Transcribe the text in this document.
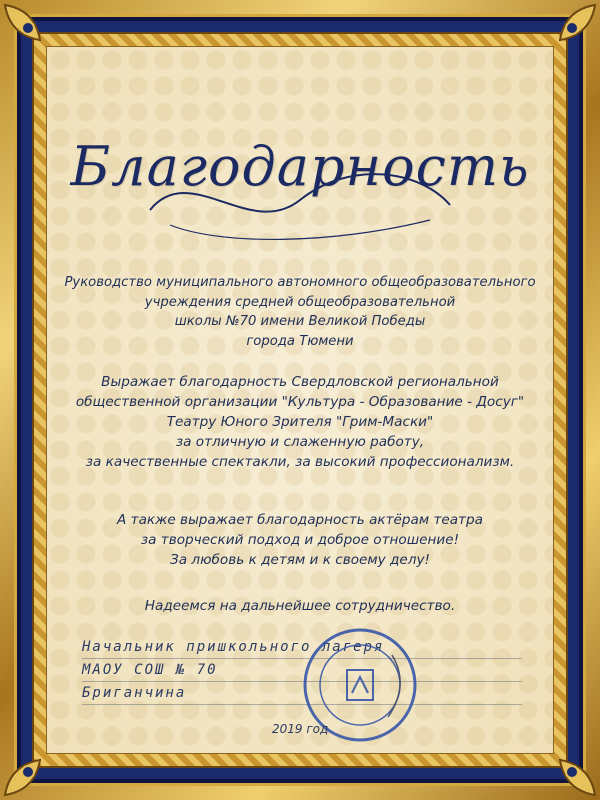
Благодарность
Руководство муниципального автономного общеобразовательного
учреждения средней общеобразовательной
школы №70 имени Великой Победы
города Тюмени
Выражает благодарность Свердловской региональной
общественной организации "Культура - Образование - Досуг"
Театру Юного Зрителя "Грим-Маски"
за отличную и слаженную работу,
за качественные спектакли, за высокий профессионализм.
А также выражает благодарность актёрам театра
за творческий подход и доброе отношение!
За любовь к детям и к своему делу!
Надеемся на дальнейшее сотрудничество.
Начальник пришкольного лагеря
МАОУ СОШ № 70
Бриганчина
2019 год
